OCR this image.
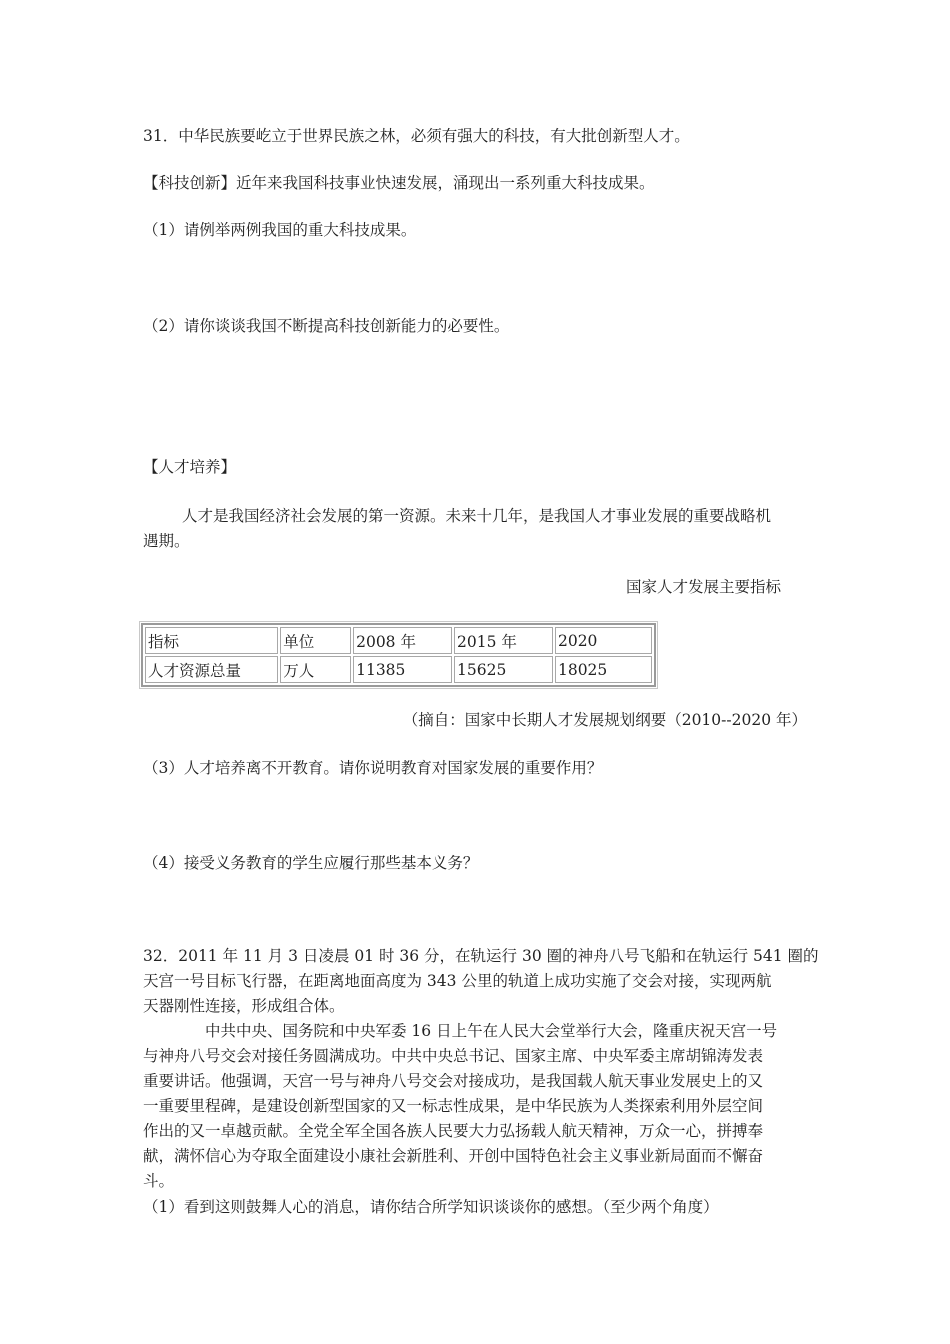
31．中华民族要屹立于世界民族之林，必须有强大的科技，有大批创新型人才。
【科技创新】近年来我国科技事业快速发展，涌现出一系列重大科技成果。
（1）请例举两例我国的重大科技成果。
（2）请你谈谈我国不断提高科技创新能力的必要性。
【人才培养】
人才是我国经济社会发展的第一资源。未来十几年，是我国人才事业发展的重要战略机
遇期。
国家人才发展主要指标
指标	单位	2008 年	2015 年	2020
人才资源总量	万人	11385	15625	18025
（摘自：国家中长期人才发展规划纲要（2010--2020 年）
（3）人才培养离不开教育。请你说明教育对国家发展的重要作用？
（4）接受义务教育的学生应履行那些基本义务？
32．2011 年 11 月 3 日凌晨 01 时 36 分，在轨运行 30 圈的神舟八号飞船和在轨运行 541 圈的
天宫一号目标飞行器，在距离地面高度为 343 公里的轨道上成功实施了交会对接，实现两航
天器刚性连接，形成组合体。
中共中央、国务院和中央军委 16 日上午在人民大会堂举行大会，隆重庆祝天宫一号
与神舟八号交会对接任务圆满成功。中共中央总书记、国家主席、中央军委主席胡锦涛发表
重要讲话。他强调，天宫一号与神舟八号交会对接成功，是我国载人航天事业发展史上的又
一重要里程碑，是建设创新型国家的又一标志性成果，是中华民族为人类探索利用外层空间
作出的又一卓越贡献。全党全军全国各族人民要大力弘扬载人航天精神，万众一心，拼搏奉
献，满怀信心为夺取全面建设小康社会新胜利、开创中国特色社会主义事业新局面而不懈奋
斗。
（1）看到这则鼓舞人心的消息，请你结合所学知识谈谈你的感想。（至少两个角度）
